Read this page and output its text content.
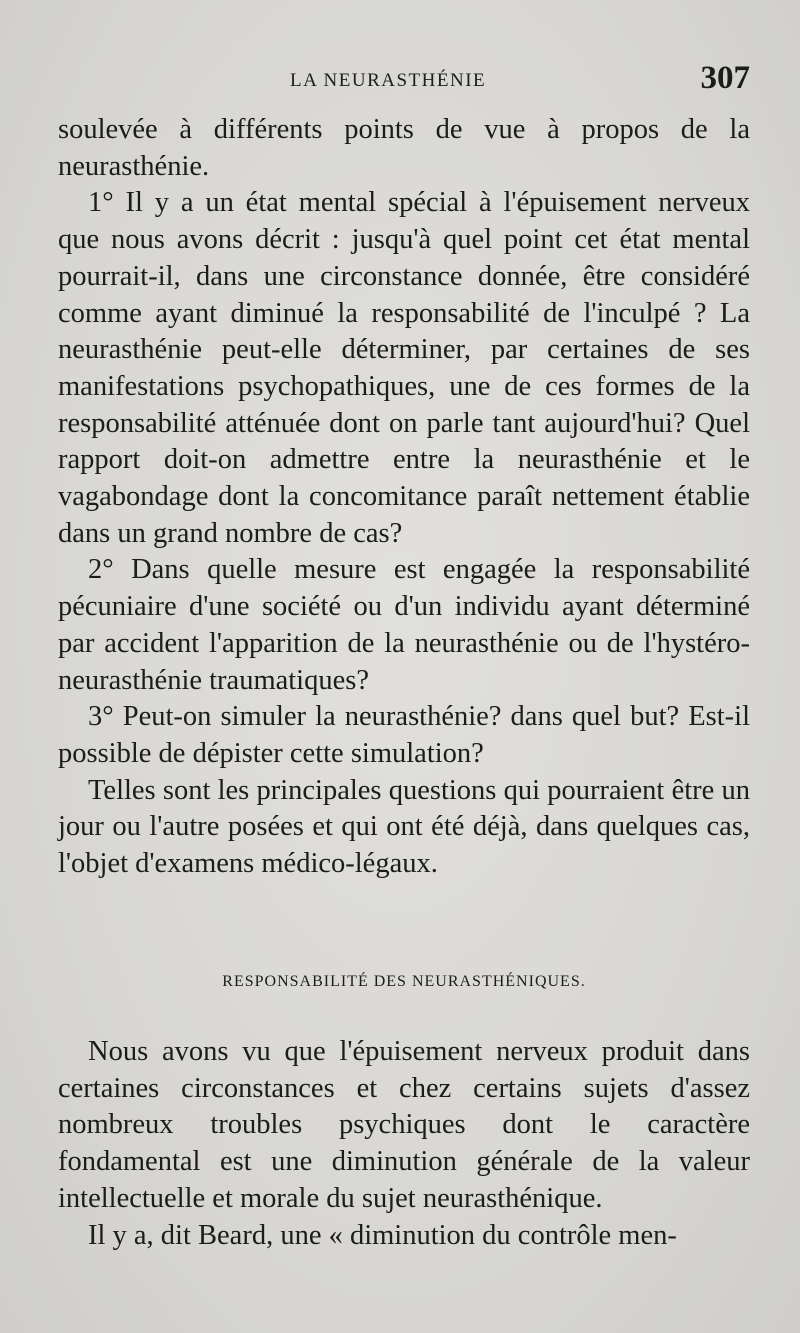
LA NEURASTHÉNIE	307

soulevée à différents points de vue à propos de la neurasthénie.

1° Il y a un état mental spécial à l'épuisement nerveux que nous avons décrit : jusqu'à quel point cet état mental pourrait-il, dans une circonstance donnée, être considéré comme ayant diminué la responsabilité de l'inculpé ? La neurasthénie peut-elle déterminer, par certaines de ses manifestations psychopathiques, une de ces formes de la responsabilité atténuée dont on parle tant aujourd'hui? Quel rapport doit-on admettre entre la neurasthénie et le vagabondage dont la concomitance paraît nettement établie dans un grand nombre de cas?

2° Dans quelle mesure est engagée la responsabilité pécuniaire d'une société ou d'un individu ayant déterminé par accident l'apparition de la neurasthénie ou de l'hystéro-neurasthénie traumatiques?

3° Peut-on simuler la neurasthénie? dans quel but? Est-il possible de dépister cette simulation?

Telles sont les principales questions qui pourraient être un jour ou l'autre posées et qui ont été déjà, dans quelques cas, l'objet d'examens médico-légaux.

RESPONSABILITÉ DES NEURASTHÉNIQUES.

Nous avons vu que l'épuisement nerveux produit dans certaines circonstances et chez certains sujets d'assez nombreux troubles psychiques dont le caractère fondamental est une diminution générale de la valeur intellectuelle et morale du sujet neurasthénique.

Il y a, dit Beard, une « diminution du contrôle men-
